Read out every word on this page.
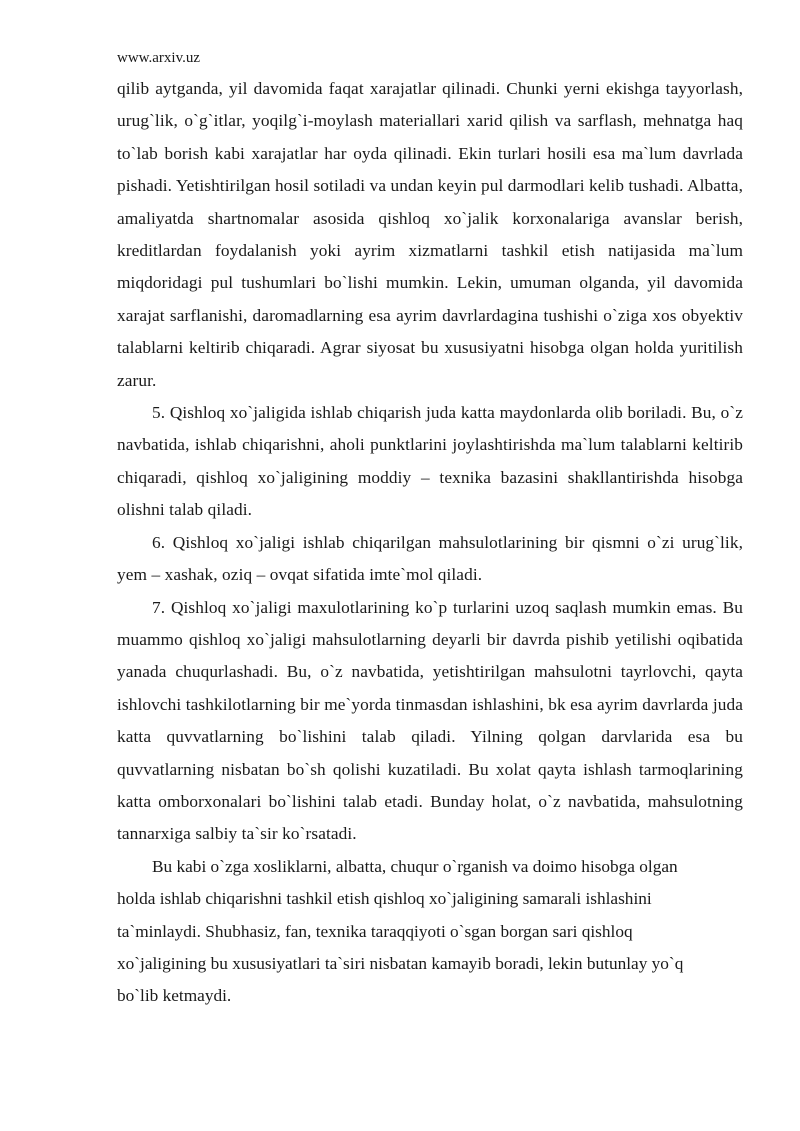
www.arxiv.uz

qilib aytganda, yil davomida faqat xarajatlar qilinadi. Chunki yerni ekishga tayyorlash, urug`lik, o`g`itlar, yoqilg`i-moylash materiallari xarid qilish va sarflash, mehnatga haq to`lab borish kabi xarajatlar har oyda qilinadi. Ekin turlari hosili esa ma`lum davrlada pishadi. Yetishtirilgan hosil sotiladi va undan keyin pul darmodlari kelib tushadi. Albatta, amaliyatda shartnomalar asosida qishloq xo`jalik korxonalariga avanslar berish, kreditlardan foydalanish yoki ayrim xizmatlarni tashkil etish natijasida ma`lum miqdoridagi pul tushumlari bo`lishi mumkin. Lekin, umuman olganda, yil davomida xarajat sarflanishi, daromadlarning esa ayrim davrlardagina tushishi o`ziga xos obyektiv talablarni keltirib chiqaradi. Agrar siyosat bu xususiyatni hisobga olgan holda yuritilish zarur.

5. Qishloq xo`jaligida ishlab chiqarish juda katta maydonlarda olib boriladi. Bu, o`z navbatida, ishlab chiqarishni, aholi punktlarini joylashtirishda ma`lum talablarni keltirib chiqaradi, qishloq xo`jaligining moddiy – texnika bazasini shakllantirishda hisobga olishni talab qiladi.

6. Qishloq xo`jaligi ishlab chiqarilgan mahsulotlarining bir qismni o`zi urug`lik, yem – xashak, oziq – ovqat sifatida imte`mol qiladi.

7. Qishloq xo`jaligi maxulotlarining ko`p turlarini uzoq saqlash mumkin emas. Bu muammo qishloq xo`jaligi mahsulotlarning deyarli bir davrda pishib yetilishi oqibatida yanada chuqurlashadi. Bu, o`z navbatida, yetishtirilgan mahsulotni tayrlovchi, qayta ishlovchi tashkilotlarning bir me`yorda tinmasdan ishlashini, bk esa ayrim davrlarda juda katta quvvatlarning bo`lishini talab qiladi. Yilning qolgan darvlarida esa bu quvvatlarning nisbatan bo`sh qolishi kuzatiladi. Bu xolat qayta ishlash tarmoqlarining katta omborxonalari bo`lishini talab etadi. Bunday holat, o`z navbatida, mahsulotning tannarxiga salbiy ta`sir ko`rsatadi.

Bu kabi o`zga xosliklarni, albatta, chuqur o`rganish va doimo hisobga olgan holda ishlab chiqarishni tashkil etish qishloq xo`jaligining samarali ishlashini ta`minlaydi. Shubhasiz, fan, texnika taraqqiyoti o`sgan borgan sari qishloq xo`jaligining bu xususiyatlari ta`siri nisbatan kamayib boradi, lekin butunlay yo`q bo`lib ketmaydi.
